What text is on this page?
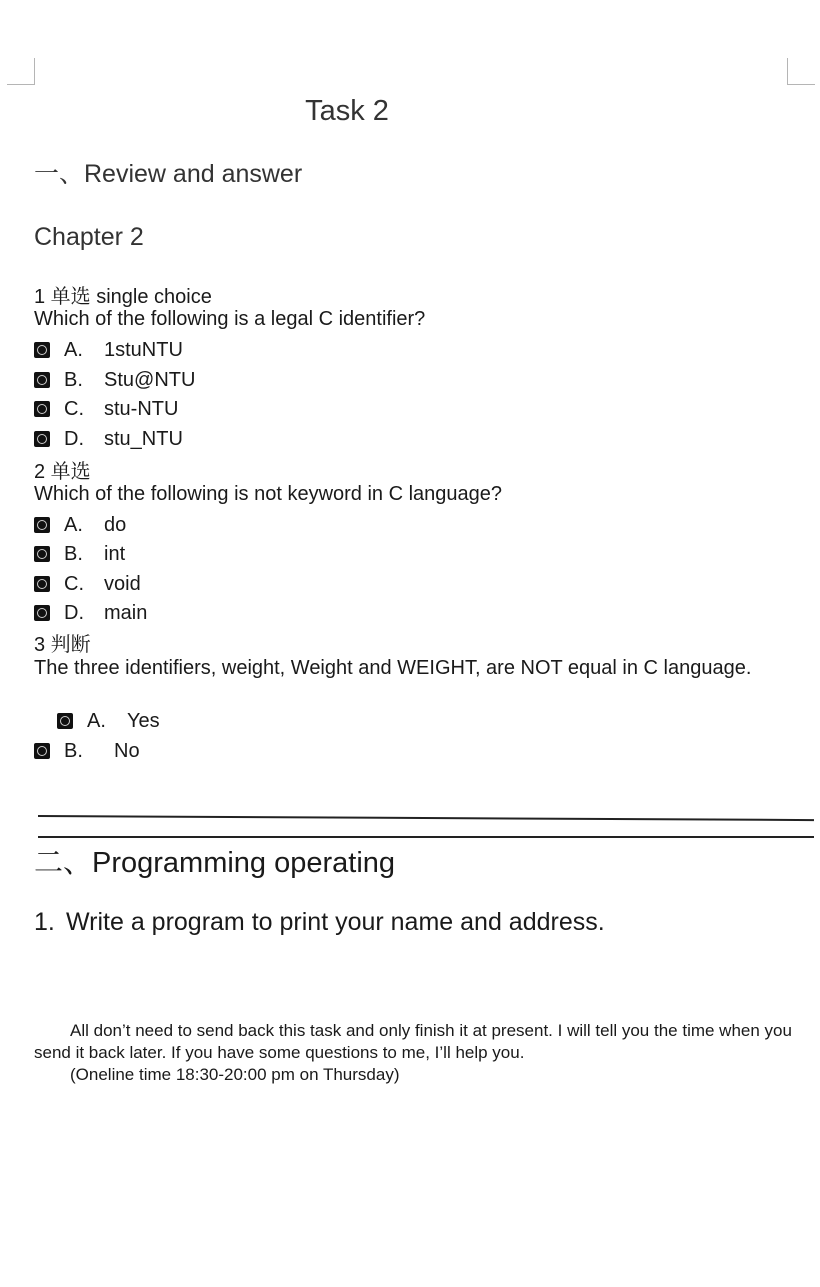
Task 2
一、Review and answer
Chapter 2
1 单选 single choice
Which of the following is a legal C identifier?
A.	1stuNTU
B.	Stu@NTU
C.	stu-NTU
D.	stu_NTU
2 单选
Which of the following is not keyword in C language?
A.	do
B.	int
C.	void
D.	main
3 判断
The three identifiers, weight, Weight and WEIGHT, are NOT equal in C language.
A.	Yes
B.	No
二、Programming operating
1. Write a program to print your name and address.

All don’t need to send back this task and only finish it at present. I will tell you the time when you send it back later. If you have some questions to me, I’ll help you.

(Oneline time 18:30-20:00 pm on Thursday)
